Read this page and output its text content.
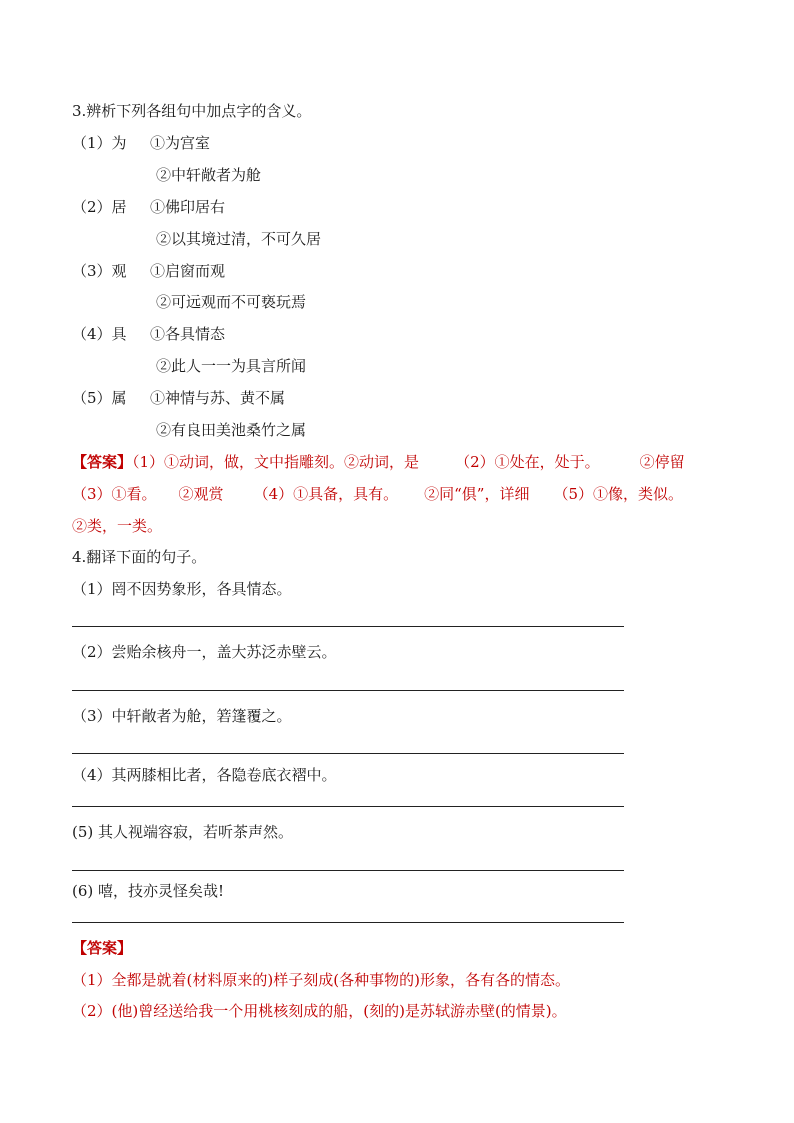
3.辨析下列各组句中加点字的含义。
（1）为 ①为宫室
②中轩敞者为舱
（2）居 ①佛印居右
②以其境过清，不可久居
（3）观 ①启窗而观
②可远观而不可亵玩焉
（4）具 ①各具情态
②此人一一为具言所闻
（5）属 ①神情与苏、黄不属
②有良田美池桑竹之属
【答案】（1）①动词，做，文中指雕刻。②动词，是 （2）①处在，处于。	②停留
（3）①看。 ②观赏 （4）①具备，具有。 ②同“俱”，详细 （5）①像，类似。
②类，一类。
4.翻译下面的句子。
（1）罔不因势象形，各具情态。
（2）尝贻余核舟一，盖大苏泛赤壁云。
（3）中轩敞者为舱，箬篷覆之。
（4）其两膝相比者，各隐卷底衣褶中。
(5) 其人视端容寂，若听茶声然。
(6) 嘻，技亦灵怪矣哉!
【答案】
（1）全都是就着(材料原来的)样子刻成(各种事物的)形象，各有各的情态。
（2）(他)曾经送给我一个用桃核刻成的船，(刻的)是苏轼游赤壁(的情景)。
